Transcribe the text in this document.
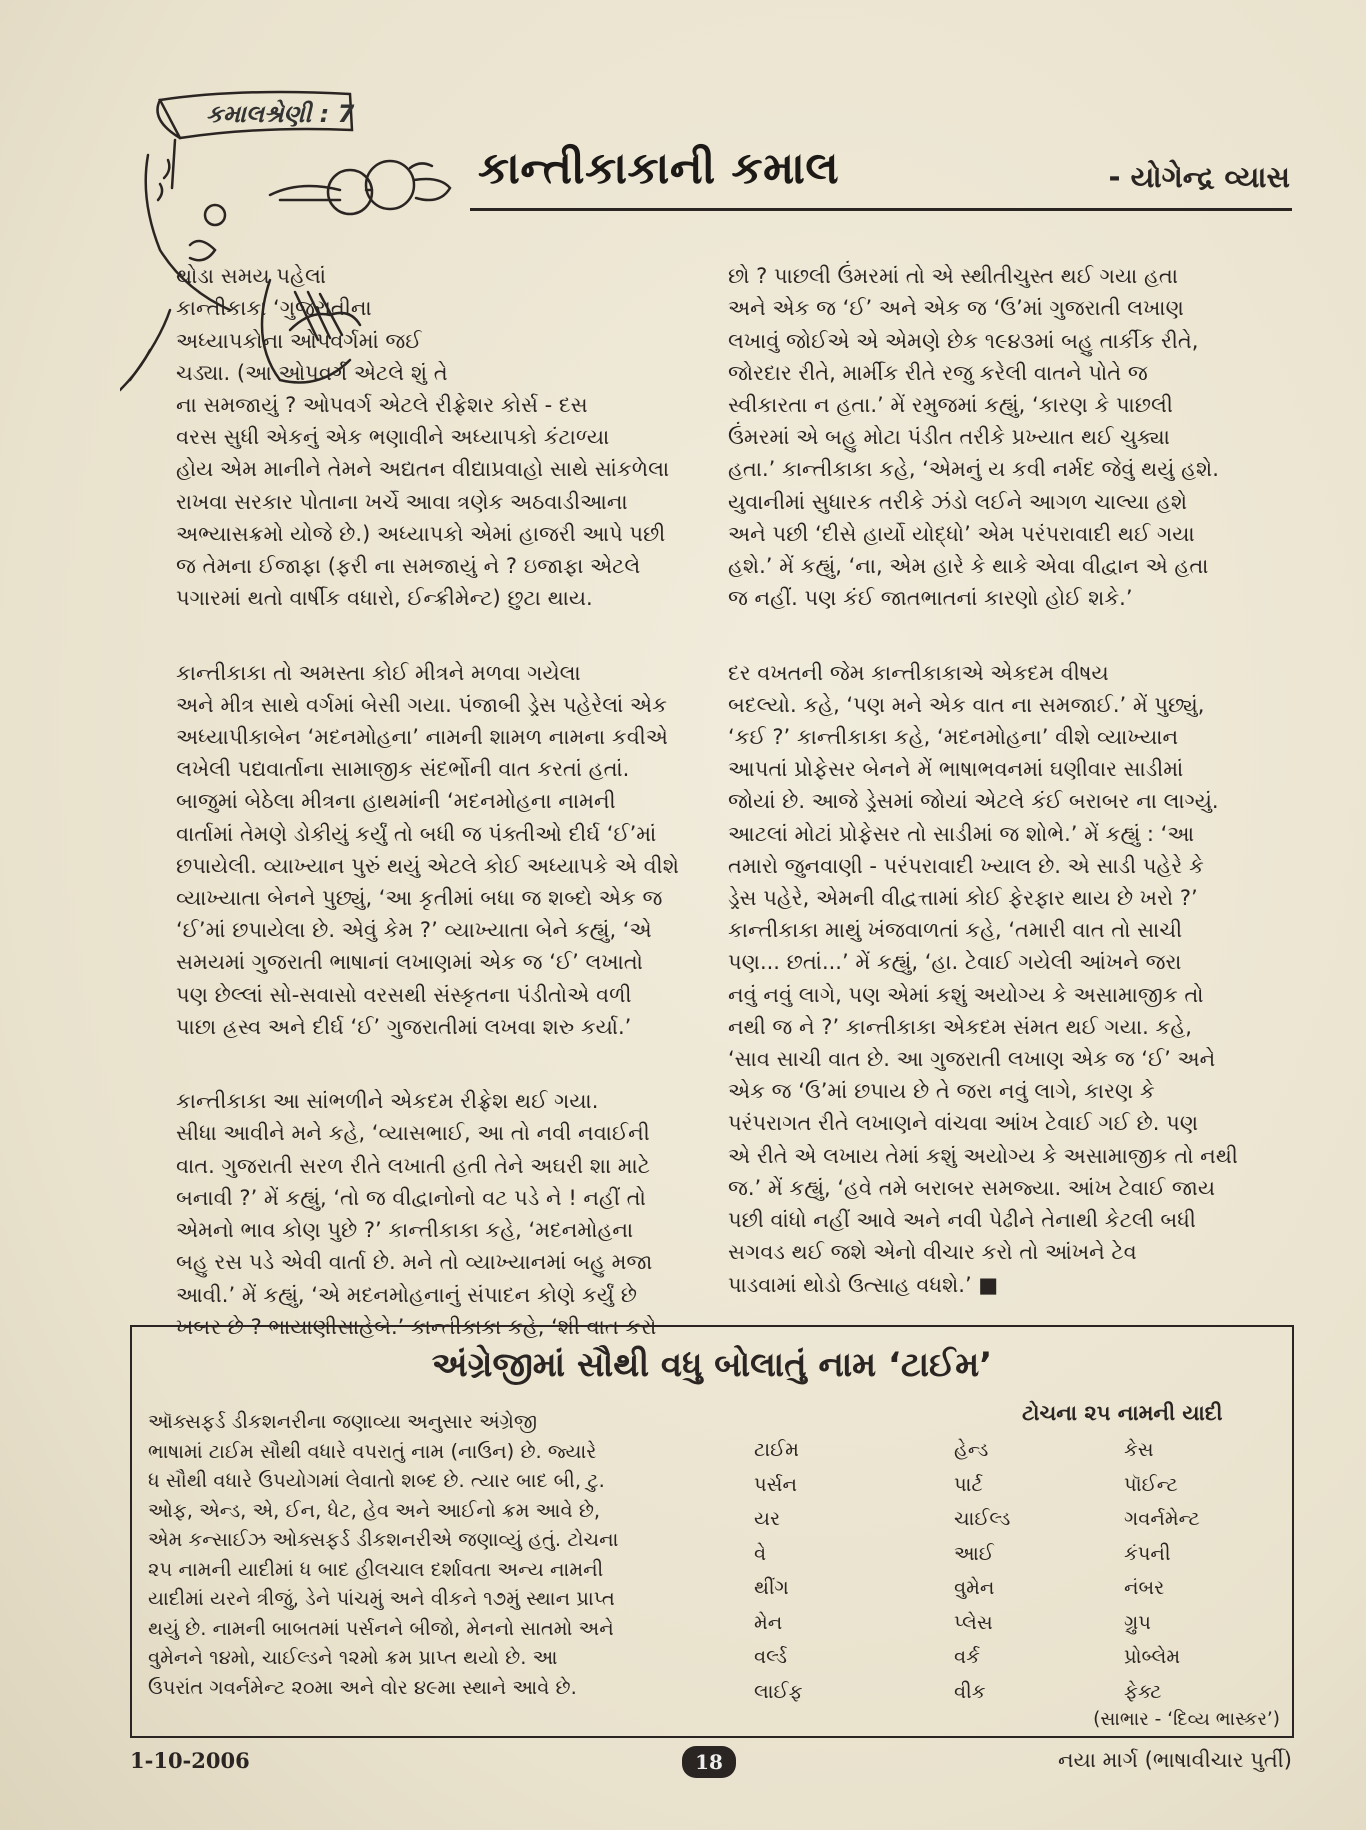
કમાલશ્રેણી : 7
કાન્તીકાકાની કમાલ	- યોગેન્દ્ર વ્યાસ

થોડા સમય પહેલાં
કાન્તીકાકા ‘ગુજરાતીના
અધ્યાપકોના ઓપવર્ગમાં જઈ
ચડ્યા. (આ ઓપવર્ગ એટલે શું તે
ના સમજાયું ? ઓપવર્ગ એટલે રીફ્રેશર કોર્સ - દસ
વરસ સુધી એકનું એક ભણાવીને અધ્યાપકો કંટાળ્યા
હોય એમ માનીને તેમને અદ્યતન વીદ્યાપ્રવાહો સાથે સાંકળેલા
રાખવા સરકાર પોતાના ખર્ચે આવા ત્રણેક અઠવાડીઆના
અભ્યાસક્રમો યોજે છે.) અધ્યાપકો એમાં હાજરી આપે પછી
જ તેમના ઈજાફા (ફરી ના સમજાયું ને ? ઇજાફા એટલે
પગારમાં થતો વાર્ષીક વધારો, ઈન્ક્રીમેન્ટ) છુટા થાય.

કાન્તીકાકા તો અમસ્તા કોઈ મીત્રને મળવા ગયેલા
અને મીત્ર સાથે વર્ગમાં બેસી ગયા. પંજાબી ડ્રેસ પહેરેલાં એક
અધ્યાપીકાબેન ‘મદનમોહના’ નામની શામળ નામના કવીએ
લખેલી પદ્યવાર્તાના સામાજીક સંદર્ભોની વાત કરતાં હતાં.
બાજુમાં બેઠેલા મીત્રના હાથમાંની ‘મદનમોહના નામની
વાર્તામાં તેમણે ડોકીયું કર્યું તો બધી જ પંક્તીઓ દીર્ઘ ‘ઈ’માં
છપાયેલી. વ્યાખ્યાન પુરું થયું એટલે કોઈ અધ્યાપકે એ વીશે
વ્યાખ્યાતા બેનને પુછ્યું, ‘આ કૃતીમાં બધા જ શબ્દો એક જ
‘ઈ’માં છપાયેલા છે. એવું કેમ ?’ વ્યાખ્યાતા બેને કહ્યું, ‘એ
સમયમાં ગુજરાતી ભાષાનાં લખાણમાં એક જ ‘ઈ’ લખાતો
પણ છેલ્લાં સો-સવાસો વરસથી સંસ્કૃતના પંડીતોએ વળી
પાછા હ્રસ્વ અને દીર્ઘ ‘ઈ’ ગુજરાતીમાં લખવા શરુ કર્યા.’

કાન્તીકાકા આ સાંભળીને એકદમ રીફ્રેશ થઈ ગયા.
સીધા આવીને મને કહે, ‘વ્યાસભાઈ, આ તો નવી નવાઈની
વાત. ગુજરાતી સરળ રીતે લખાતી હતી તેને અઘરી શા માટે
બનાવી ?’ મેં કહ્યું, ‘તો જ વીદ્વાનોનો વટ પડે ને ! નહીં તો
એમનો ભાવ કોણ પુછે ?’ કાન્તીકાકા કહે, ‘મદનમોહના
બહુ રસ પડે એવી વાર્તા છે. મને તો વ્યાખ્યાનમાં બહુ મજા
આવી.’ મેં કહ્યું, ‘એ મદનમોહનાનું સંપાદન કોણે કર્યું છે
ખબર છે ? ભાયાણીસાહેબે.’ કાન્તીકાકા કહે, ‘શી વાત કરો

છો ? પાછલી ઉંમરમાં તો એ સ્થીતીચુસ્ત થઈ ગયા હતા
અને એક જ ‘ઈ’ અને એક જ ‘ઉ’માં ગુજરાતી લખાણ
લખાવું જોઈએ એ એમણે છેક ૧૯૪૩માં બહુ તાર્કીક રીતે,
જોરદાર રીતે, માર્મીક રીતે રજુ કરેલી વાતને પોતે જ
સ્વીકારતા ન હતા.’ મેં રમુજમાં કહ્યું, ‘કારણ કે પાછલી
ઉંમરમાં એ બહુ મોટા પંડીત તરીકે પ્રખ્યાત થઈ ચુક્યા
હતા.’ કાન્તીકાકા કહે, ‘એમનું ય કવી નર્મદ જેવું થયું હશે.
યુવાનીમાં સુધારક તરીકે ઝંડો લઈને આગળ ચાલ્યા હશે
અને પછી ‘દીસે હાર્યો યોદ્ધો’ એમ પરંપરાવાદી થઈ ગયા
હશે.’ મેં કહ્યું, ‘ના, એમ હારે કે થાકે એવા વીદ્વાન એ હતા
જ નહીં. પણ કંઈ જાતભાતનાં કારણો હોઈ શકે.’

દર વખતની જેમ કાન્તીકાકાએ એકદમ વીષય
બદલ્યો. કહે, ‘પણ મને એક વાત ના સમજાઈ.’ મેં પુછ્યું,
‘કઈ ?’ કાન્તીકાકા કહે, ‘મદનમોહના’ વીશે વ્યાખ્યાન
આપતાં પ્રોફેસર બેનને મેં ભાષાભવનમાં ઘણીવાર સાડીમાં
જોયાં છે. આજે ડ્રેસમાં જોયાં એટલે કંઈ બરાબર ના લાગ્યું.
આટલાં મોટાં પ્રોફેસર તો સાડીમાં જ શોભે.’ મેં કહ્યું : ‘આ
તમારો જુનવાણી - પરંપરાવાદી ખ્યાલ છે. એ સાડી પહેરે કે
ડ્રેસ પહેરે, એમની વીદ્વત્તામાં કોઈ ફેરફાર થાય છે ખરો ?’
કાન્તીકાકા માથું ખંજવાળતાં કહે, ‘તમારી વાત તો સાચી
પણ... છતાં...’ મેં કહ્યું, ‘હા. ટેવાઈ ગયેલી આંખને જરા
નવું નવું લાગે, પણ એમાં કશું અયોગ્ય કે અસામાજીક તો
નથી જ ને ?’ કાન્તીકાકા એકદમ સંમત થઈ ગયા. કહે,
‘સાવ સાચી વાત છે. આ ગુજરાતી લખાણ એક જ ‘ઈ’ અને
એક જ ‘ઉ’માં છપાય છે તે જરા નવું લાગે, કારણ કે
પરંપરાગત રીતે લખાણને વાંચવા આંખ ટેવાઈ ગઈ છે. પણ
એ રીતે એ લખાય તેમાં કશું અયોગ્ય કે અસામાજીક તો નથી
જ.’ મેં કહ્યું, ‘હવે તમે બરાબર સમજ્યા. આંખ ટેવાઈ જાય
પછી વાંધો નહીં આવે અને નવી પેઢીને તેનાથી કેટલી બધી
સગવડ થઈ જશે એનો વીચાર કરો તો આંખને ટેવ
પાડવામાં થોડો ઉત્સાહ વધશે.’ ■

અંગ્રેજીમાં સૌથી વધુ બોલાતું નામ ‘ટાઈમ’
ઑક્સફર્ડ ડીકશનરીના જણાવ્યા અનુસાર અંગ્રેજી
ભાષામાં ટાઈમ સૌથી વધારે વપરાતું નામ (નાઉન) છે. જ્યારે
ધ સૌથી વધારે ઉપયોગમાં લેવાતો શબ્દ છે. ત્યાર બાદ બી, ટુ.
ઓફ, એન્ડ, એ, ઈન, ધેટ, હેવ અને આઈનો ક્રમ આવે છે,
એમ કન્સાઈઝ ઓક્સફર્ડ ડીકશનરીએ જણાવ્યું હતું. ટોચના
૨૫ નામની યાદીમાં ધ બાદ હીલચાલ દર્શાવતા અન્ય નામની
યાદીમાં યરને ત્રીજું, ડેને પાંચમું અને વીકને ૧૭મું સ્થાન પ્રાપ્ત
થયું છે. નામની બાબતમાં પર્સનને બીજો, મેનનો સાતમો અને
વુમેનને ૧૪મો, ચાઈલ્ડને ૧૨મો ક્રમ પ્રાપ્ત થયો છે. આ
ઉપરાંત ગવર્નમેન્ટ ૨૦મા અને વોર ૪૯મા સ્થાને આવે છે.
ટોચના ૨૫ નામની યાદી
ટાઈમ	હેન્ડ	કેસ
પર્સન	પાર્ટ	પૉઈન્ટ
યર	ચાઈલ્ડ	ગવર્નમેન્ટ
વે	આઈ	કંપની
થીંગ	વુમેન	નંબર
મેન	પ્લેસ	ગ્રુપ
વર્લ્ડ	વર્ક	પ્રોબ્લેમ
લાઈફ	વીક	ફેક્ટ
(સાભાર - ‘દિવ્ય ભાસ્કર’)
1-10-2006	18	નયા માર્ગ (ભાષાવીચાર પુર્તી)
